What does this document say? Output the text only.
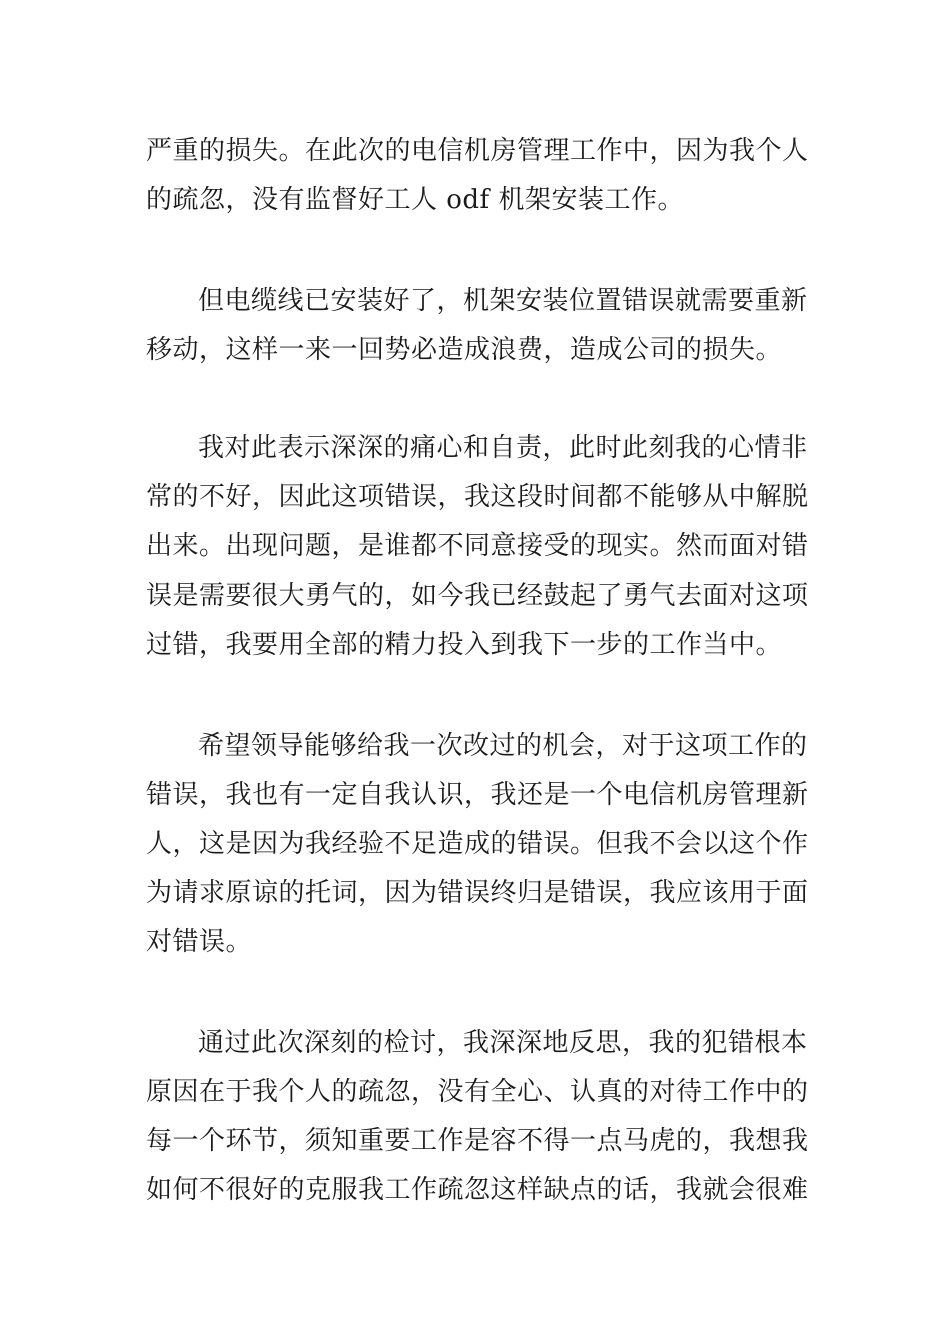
严重的损失。在此次的电信机房管理工作中，因为我个人
的疏忽，没有监督好工人 odf 机架安装工作。
但电缆线已安装好了，机架安装位置错误就需要重新
移动，这样一来一回势必造成浪费，造成公司的损失。
我对此表示深深的痛心和自责，此时此刻我的心情非
常的不好，因此这项错误，我这段时间都不能够从中解脱
出来。出现问题，是谁都不同意接受的现实。然而面对错
误是需要很大勇气的，如今我已经鼓起了勇气去面对这项
过错，我要用全部的精力投入到我下一步的工作当中。
希望领导能够给我一次改过的机会，对于这项工作的
错误，我也有一定自我认识，我还是一个电信机房管理新
人，这是因为我经验不足造成的错误。但我不会以这个作
为请求原谅的托词，因为错误终归是错误，我应该用于面
对错误。
通过此次深刻的检讨，我深深地反思，我的犯错根本
原因在于我个人的疏忽，没有全心、认真的对待工作中的
每一个环节，须知重要工作是容不得一点马虎的，我想我
如何不很好的克服我工作疏忽这样缺点的话，我就会很难
